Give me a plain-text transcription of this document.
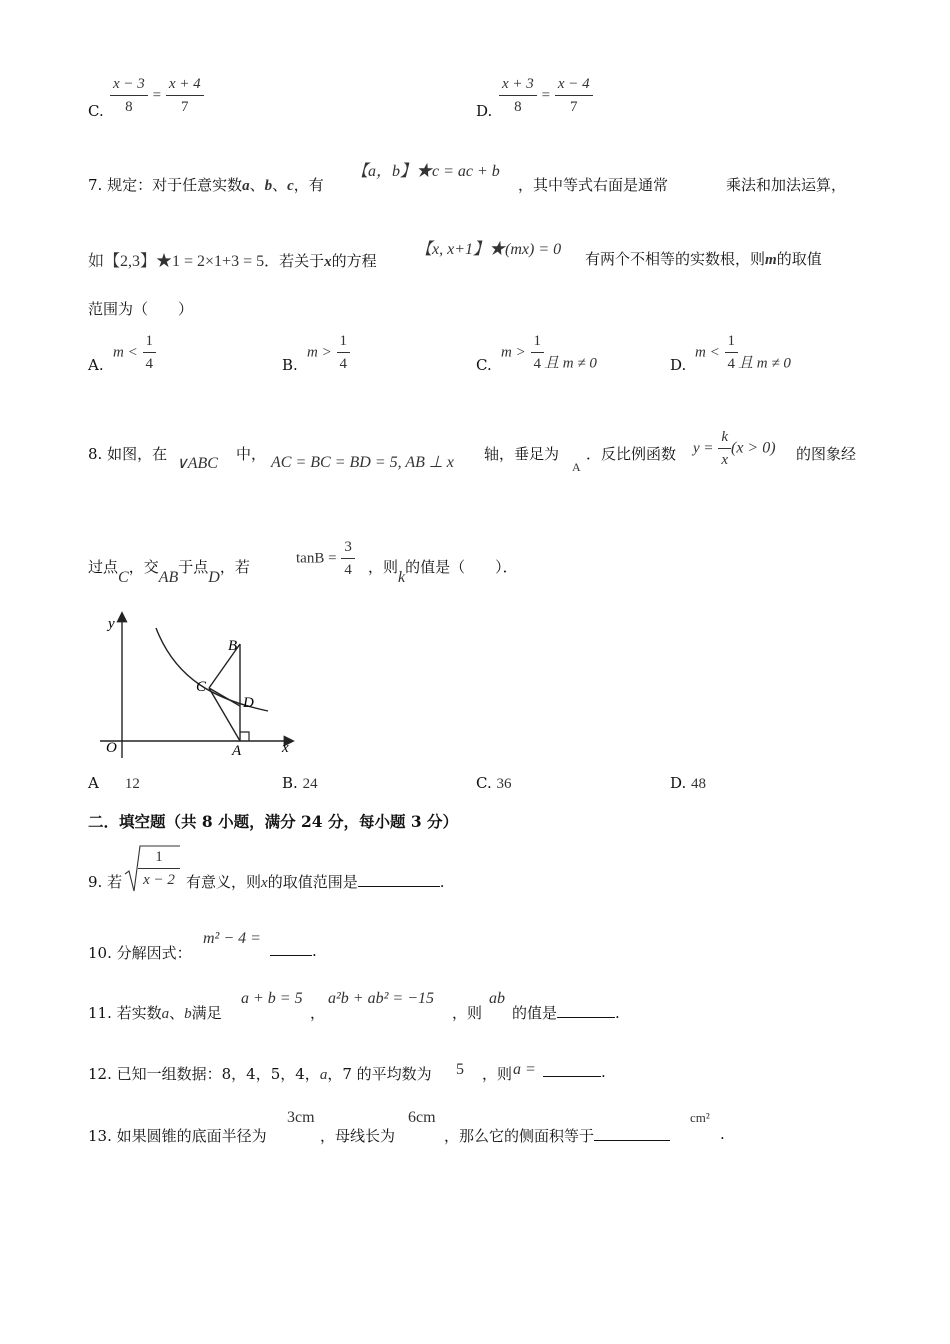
C. $\frac{x - 3}{8} = \frac{x + 4}{7}$	D. $\frac{x + 3}{8} = \frac{x - 4}{7}$
7. 规定：对于任意实数a、b、c，有
【a，b】★c = ac + b
，其中等式右面是通常	乘法和加法运算，
如【2,3】★1 = 2×1+3 = 5．若关于x的方程
【x, x+1】★(mx) = 0
有两个不相等的实数根，则m的取值
范围为（　　）
A.
$m < \frac{1}{4}$	B.
$m > \frac{1}{4}$	C.
$m > \frac{1}{4}$ 且 m ≠ 0	D.
$m < \frac{1}{4}$ 且 m ≠ 0
8. 如图，在
∨ABC
中， AC = BC = BD = 5, AB ⊥ x 轴，垂足为
A
．反比例函数 $y = \frac{k}{x} (x > 0)$ 的图象经
过点C，交AB于点D，若	$\tan B = \frac{3}{4}$ ，则k的值是（　　）．
y
x
O	A
B
C
D
A 12	B. 24	C. 36	D. 48
二．填空题（共 8 小题，满分 24 分，每小题 3 分）
9. 若 $\frac{1}{x - 2}$ 有意义，则x的取值范围是	.
10. 分解因式：
m² − 4 =
.
11. 若实数a、b满足
a + b = 5
，
a²b + ab² = −15
，则
ab
的值是	.
12. 已知一组数据：8，4，5，4，a，7 的平均数为 5 ，则 a =	.
13. 如果圆锥的底面半径为
3cm
，母线长为
6cm
，那么它的侧面积等于
cm²
.
